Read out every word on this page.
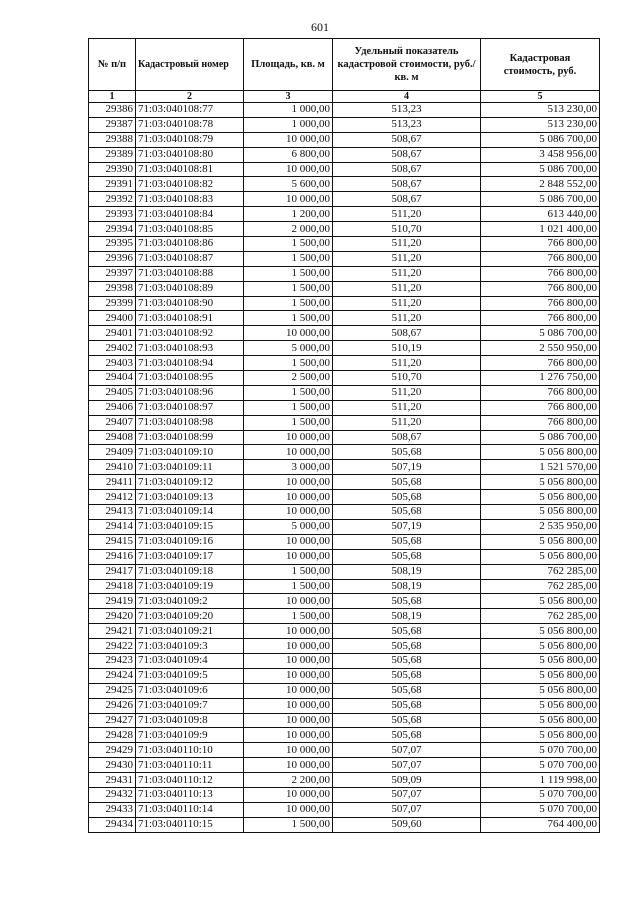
601
№ п/п	Кадастровый номер	Площадь, кв. м	Удельный показатель кадастровой стоимости, руб./кв. м	Кадастровая стоимость, руб.
1	2	3	4	5
29386	71:03:040108:77	1 000,00	513,23	513 230,00
29387	71:03:040108:78	1 000,00	513,23	513 230,00
29388	71:03:040108:79	10 000,00	508,67	5 086 700,00
29389	71:03:040108:80	6 800,00	508,67	3 458 956,00
29390	71:03:040108:81	10 000,00	508,67	5 086 700,00
29391	71:03:040108:82	5 600,00	508,67	2 848 552,00
29392	71:03:040108:83	10 000,00	508,67	5 086 700,00
29393	71:03:040108:84	1 200,00	511,20	613 440,00
29394	71:03:040108:85	2 000,00	510,70	1 021 400,00
29395	71:03:040108:86	1 500,00	511,20	766 800,00
29396	71:03:040108:87	1 500,00	511,20	766 800,00
29397	71:03:040108:88	1 500,00	511,20	766 800,00
29398	71:03:040108:89	1 500,00	511,20	766 800,00
29399	71:03:040108:90	1 500,00	511,20	766 800,00
29400	71:03:040108:91	1 500,00	511,20	766 800,00
29401	71:03:040108:92	10 000,00	508,67	5 086 700,00
29402	71:03:040108:93	5 000,00	510,19	2 550 950,00
29403	71:03:040108:94	1 500,00	511,20	766 800,00
29404	71:03:040108:95	2 500,00	510,70	1 276 750,00
29405	71:03:040108:96	1 500,00	511,20	766 800,00
29406	71:03:040108:97	1 500,00	511,20	766 800,00
29407	71:03:040108:98	1 500,00	511,20	766 800,00
29408	71:03:040108:99	10 000,00	508,67	5 086 700,00
29409	71:03:040109:10	10 000,00	505,68	5 056 800,00
29410	71:03:040109:11	3 000,00	507,19	1 521 570,00
29411	71:03:040109:12	10 000,00	505,68	5 056 800,00
29412	71:03:040109:13	10 000,00	505,68	5 056 800,00
29413	71:03:040109:14	10 000,00	505,68	5 056 800,00
29414	71:03:040109:15	5 000,00	507,19	2 535 950,00
29415	71:03:040109:16	10 000,00	505,68	5 056 800,00
29416	71:03:040109:17	10 000,00	505,68	5 056 800,00
29417	71:03:040109:18	1 500,00	508,19	762 285,00
29418	71:03:040109:19	1 500,00	508,19	762 285,00
29419	71:03:040109:2	10 000,00	505,68	5 056 800,00
29420	71:03:040109:20	1 500,00	508,19	762 285,00
29421	71:03:040109:21	10 000,00	505,68	5 056 800,00
29422	71:03:040109:3	10 000,00	505,68	5 056 800,00
29423	71:03:040109:4	10 000,00	505,68	5 056 800,00
29424	71:03:040109:5	10 000,00	505,68	5 056 800,00
29425	71:03:040109:6	10 000,00	505,68	5 056 800,00
29426	71:03:040109:7	10 000,00	505,68	5 056 800,00
29427	71:03:040109:8	10 000,00	505,68	5 056 800,00
29428	71:03:040109:9	10 000,00	505,68	5 056 800,00
29429	71:03:040110:10	10 000,00	507,07	5 070 700,00
29430	71:03:040110:11	10 000,00	507,07	5 070 700,00
29431	71:03:040110:12	2 200,00	509,09	1 119 998,00
29432	71:03:040110:13	10 000,00	507,07	5 070 700,00
29433	71:03:040110:14	10 000,00	507,07	5 070 700,00
29434	71:03:040110:15	1 500,00	509,60	764 400,00
